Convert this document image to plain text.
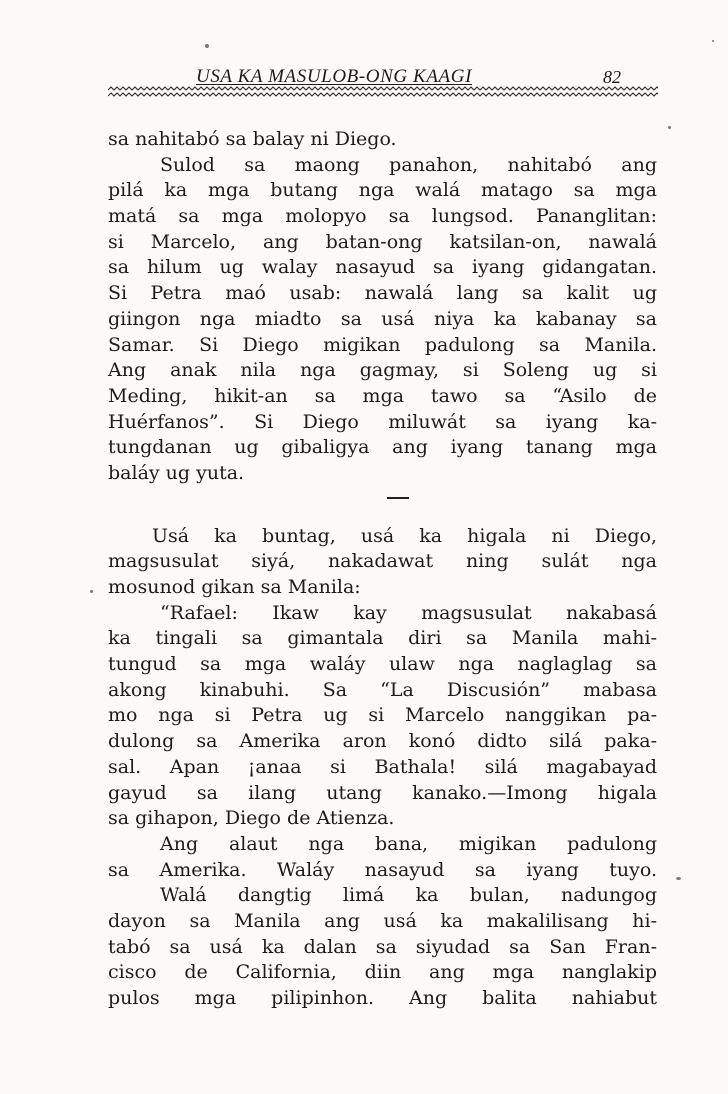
USA KA MASULOB-ONG KAAGI	82
sa nahitabó sa balay ni Diego.
Sulod sa maong panahon, nahitabó ang
pilá ka mga butang nga walá matago sa mga
matá sa mga molopyo sa lungsod. Pananglitan:
si Marcelo, ang batan-ong katsilan-on, nawalá
sa hilum ug walay nasayud sa iyang gidangatan.
Si Petra maó usab: nawalá lang sa kalit ug
giingon nga miadto sa usá niya ka kabanay sa
Samar. Si Diego migikan padulong sa Manila.
Ang anak nila nga gagmay, si Soleng ug si
Meding, hikit-an sa mga tawo sa “Asilo de
Huérfanos”. Si Diego miluwát sa iyang ka-
tungdanan ug gibaligya ang iyang tanang mga
baláy ug yuta.
Usá ka buntag, usá ka higala ni Diego,
magsusulat siyá, nakadawat ning sulát nga
mosunod gikan sa Manila:
“Rafael: Ikaw kay magsusulat nakabasá
ka tingali sa gimantala diri sa Manila mahi-
tungud sa mga waláy ulaw nga naglaglag sa
akong kinabuhi. Sa “La Discusión” mabasa
mo nga si Petra ug si Marcelo nanggikan pa-
dulong sa Amerika aron konó didto silá paka-
sal. Apan ¡anaa si Bathala! silá magabayad
gayud sa ilang utang kanako.—Imong higala
sa gihapon, Diego de Atienza.
Ang alaut nga bana, migikan padulong
sa Amerika. Waláy nasayud sa iyang tuyo.
Walá dangtig limá ka bulan, nadungog
dayon sa Manila ang usá ka makalilisang hi-
tabó sa usá ka dalan sa siyudad sa San Fran-
cisco de California, diin ang mga nanglakip
pulos mga pilipinhon. Ang balita nahiabut
